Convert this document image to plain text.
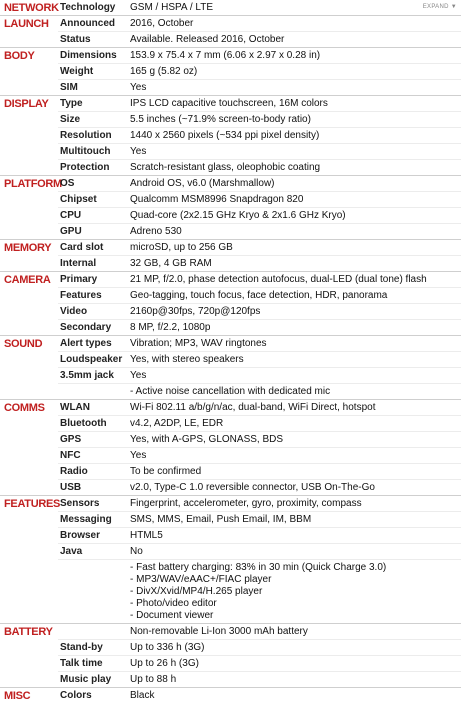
EXPAND ▼
NETWORK	Technology	GSM / HSPA / LTE
LAUNCH	Announced	2016, October
	Status	Available. Released 2016, October
BODY	Dimensions	153.9 x 75.4 x 7 mm (6.06 x 2.97 x 0.28 in)
	Weight	165 g (5.82 oz)
	SIM	Yes
DISPLAY	Type	IPS LCD capacitive touchscreen, 16M colors
	Size	5.5 inches (~71.9% screen-to-body ratio)
	Resolution	1440 x 2560 pixels (~534 ppi pixel density)
	Multitouch	Yes
	Protection	Scratch-resistant glass, oleophobic coating
PLATFORM	OS	Android OS, v6.0 (Marshmallow)
	Chipset	Qualcomm MSM8996 Snapdragon 820
	CPU	Quad-core (2x2.15 GHz Kryo & 2x1.6 GHz Kryo)
	GPU	Adreno 530
MEMORY	Card slot	microSD, up to 256 GB
	Internal	32 GB, 4 GB RAM
CAMERA	Primary	21 MP, f/2.0, phase detection autofocus, dual-LED (dual tone) flash
	Features	Geo-tagging, touch focus, face detection, HDR, panorama
	Video	2160p@30fps, 720p@120fps
	Secondary	8 MP, f/2.2, 1080p
SOUND	Alert types	Vibration; MP3, WAV ringtones
	Loudspeaker	Yes, with stereo speakers
	3.5mm jack	Yes
		- Active noise cancellation with dedicated mic
COMMS	WLAN	Wi-Fi 802.11 a/b/g/n/ac, dual-band, WiFi Direct, hotspot
	Bluetooth	v4.2, A2DP, LE, EDR
	GPS	Yes, with A-GPS, GLONASS, BDS
	NFC	Yes
	Radio	To be confirmed
	USB	v2.0, Type-C 1.0 reversible connector, USB On-The-Go
FEATURES	Sensors	Fingerprint, accelerometer, gyro, proximity, compass
	Messaging	SMS, MMS, Email, Push Email, IM, BBM
	Browser	HTML5
	Java	No
		- Fast battery charging: 83% in 30 min (Quick Charge 3.0)
- MP3/WAV/eAAC+/FIAC player
- DivX/Xvid/MP4/H.265 player
- Photo/video editor
- Document viewer
BATTERY		Non-removable Li-Ion 3000 mAh battery
	Stand-by	Up to 336 h (3G)
	Talk time	Up to 26 h (3G)
	Music play	Up to 88 h
MISC	Colors	Black
